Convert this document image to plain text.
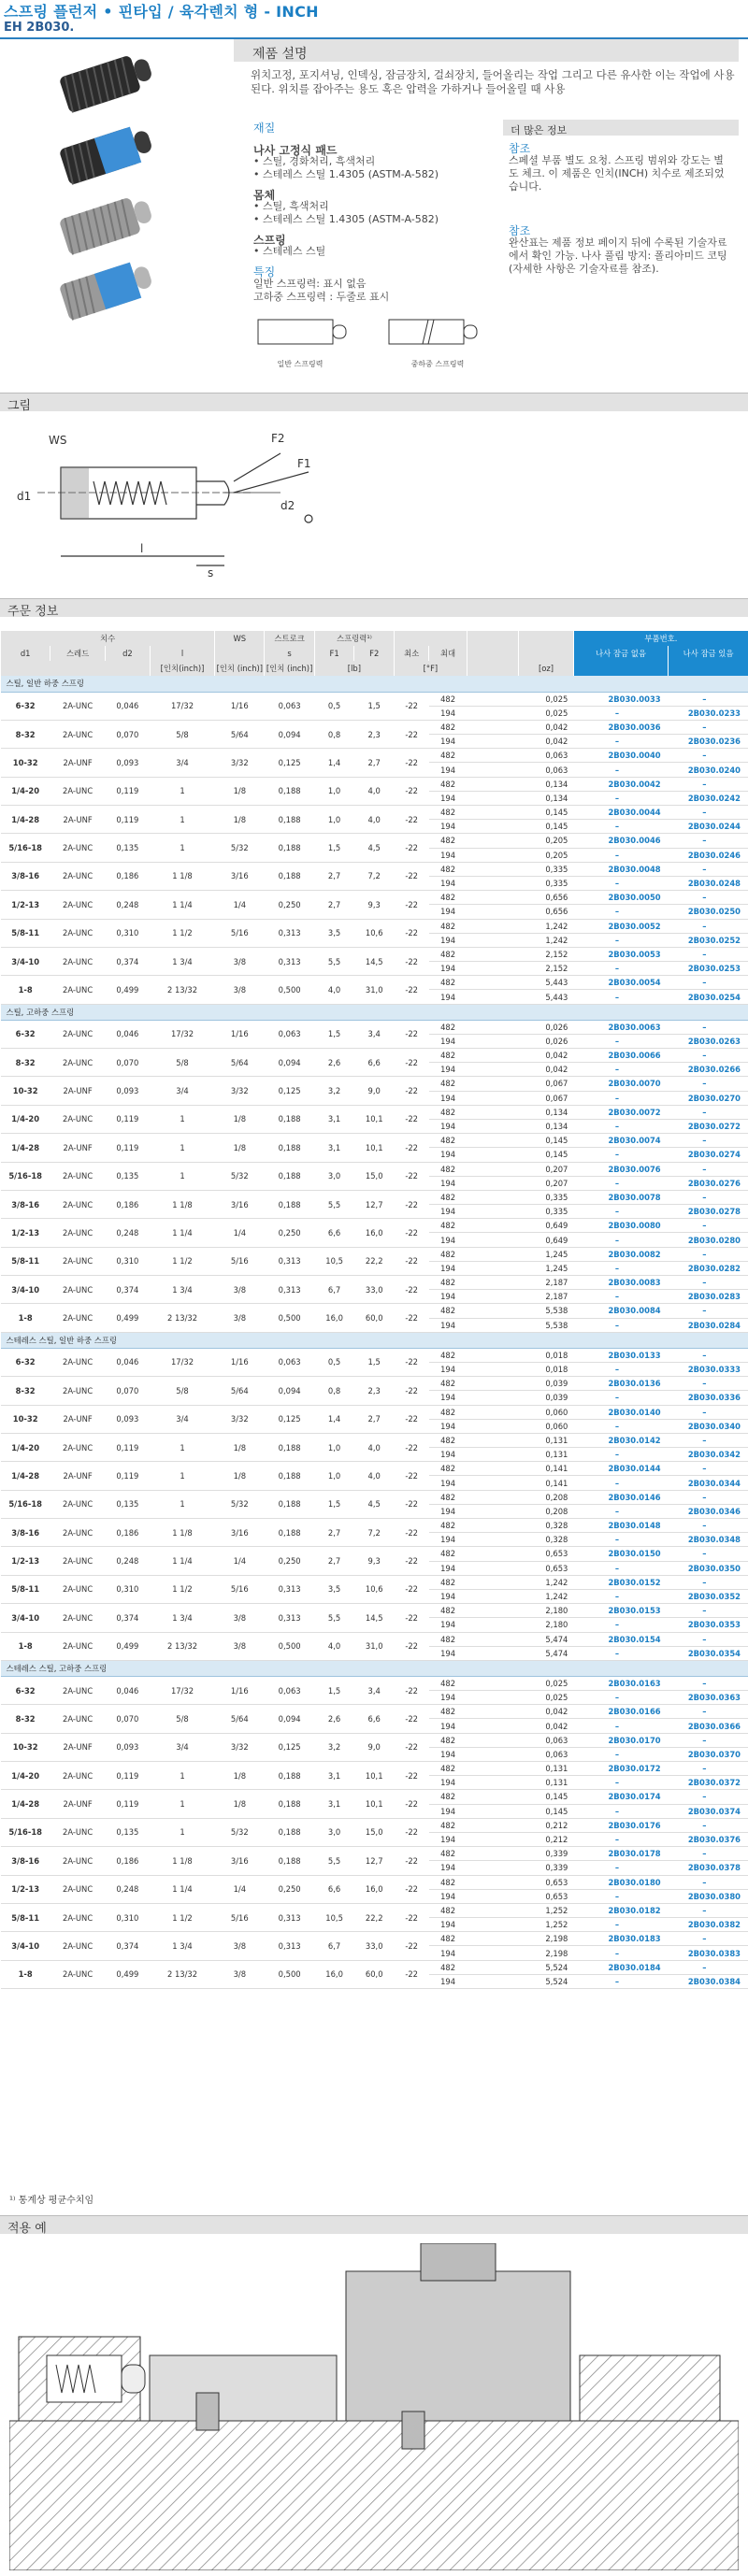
스프링 플런저 • 핀타입 / 육각렌치 형 - INCH
EH 2B030.
제품 설명
위치고정, 포지셔닝, 인덱싱, 잠금장치, 걸쇠장치, 들어올리는 작업 그리고 다른 유사한 이는 작업에 사용된다. 위치를 잡아주는 용도 혹은 압력을 가하거나 들어올릴 때 사용
재질
나사 고정식 패드
• 스틸, 경화처리, 흑색처리
• 스테레스 스틸 1.4305 (ASTM-A-582)
몸체
• 스틸, 흑색처리
• 스테레스 스틸 1.4305 (ASTM-A-582)
스프링
• 스테레스 스틸
특징
일반 스프링력: 표시 없음
고하중 스프링력 : 두줄로 표시
일반 스프링력	중하중 스프링력
더 많은 정보
참조
스페셜 부품 별도 요청. 스프링 범위와 강도는 별도 체크. 이 제품은 인치(INCH) 치수로 제조되었습니다.
참조
완산표는 제품 정보 페이지 뒤에 수록된 기술자료에서 확인 가능. 나사 풀림 방지: 폴리아미드 코팅 (자세한 사항은 기술자료를 참조).
그림
WS	F2
F1
d1
d2
l
s
주문 정보
치수				WS	스트로크	스프링력¹⁾						부품번호.	
d1	스레드	d2	l		s	F1	F2	최소	최대			나사 잠금 없음	나사 잠금 있음
			[인치(inch)]	[인치 (inch)]	[인치 (inch)]	[lb]		[°F]			[oz]		
스틸, 일반 하중 스프링													
6-32	2A-UNC	0,046	17/32	1/16	0,063	0,5	1,5	-22	482		0,025	2B030.0033	–
									194		0,025	–	2B030.0233
8-32	2A-UNC	0,070	5/8	5/64	0,094	0,8	2,3	-22	482		0,042	2B030.0036	–
									194		0,042	–	2B030.0236
10-32	2A-UNF	0,093	3/4	3/32	0,125	1,4	2,7	-22	482		0,063	2B030.0040	–
									194		0,063	–	2B030.0240
1/4-20	2A-UNC	0,119	1	1/8	0,188	1,0	4,0	-22	482		0,134	2B030.0042	–
									194		0,134	–	2B030.0242
1/4-28	2A-UNF	0,119	1	1/8	0,188	1,0	4,0	-22	482		0,145	2B030.0044	–
									194		0,145	–	2B030.0244
5/16-18	2A-UNC	0,135	1	5/32	0,188	1,5	4,5	-22	482		0,205	2B030.0046	–
									194		0,205	–	2B030.0246
3/8-16	2A-UNC	0,186	1 1/8	3/16	0,188	2,7	7,2	-22	482		0,335	2B030.0048	–
									194		0,335	–	2B030.0248
1/2-13	2A-UNC	0,248	1 1/4	1/4	0,250	2,7	9,3	-22	482		0,656	2B030.0050	–
									194		0,656	–	2B030.0250
5/8-11	2A-UNC	0,310	1 1/2	5/16	0,313	3,5	10,6	-22	482		1,242	2B030.0052	–
									194		1,242	–	2B030.0252
3/4-10	2A-UNC	0,374	1 3/4	3/8	0,313	5,5	14,5	-22	482		2,152	2B030.0053	–
									194		2,152	–	2B030.0253
1-8	2A-UNC	0,499	2 13/32	3/8	0,500	4,0	31,0	-22	482		5,443	2B030.0054	–
									194		5,443	–	2B030.0254
스틸, 고하중 스프링													
6-32	2A-UNC	0,046	17/32	1/16	0,063	1,5	3,4	-22	482		0,026	2B030.0063	–
									194		0,026	–	2B030.0263
8-32	2A-UNC	0,070	5/8	5/64	0,094	2,6	6,6	-22	482		0,042	2B030.0066	–
									194		0,042	–	2B030.0266
10-32	2A-UNF	0,093	3/4	3/32	0,125	3,2	9,0	-22	482		0,067	2B030.0070	–
									194		0,067	–	2B030.0270
1/4-20	2A-UNC	0,119	1	1/8	0,188	3,1	10,1	-22	482		0,134	2B030.0072	–
									194		0,134	–	2B030.0272
1/4-28	2A-UNF	0,119	1	1/8	0,188	3,1	10,1	-22	482		0,145	2B030.0074	–
									194		0,145	–	2B030.0274
5/16-18	2A-UNC	0,135	1	5/32	0,188	3,0	15,0	-22	482		0,207	2B030.0076	–
									194		0,207	–	2B030.0276
3/8-16	2A-UNC	0,186	1 1/8	3/16	0,188	5,5	12,7	-22	482		0,335	2B030.0078	–
									194		0,335	–	2B030.0278
1/2-13	2A-UNC	0,248	1 1/4	1/4	0,250	6,6	16,0	-22	482		0,649	2B030.0080	–
									194		0,649	–	2B030.0280
5/8-11	2A-UNC	0,310	1 1/2	5/16	0,313	10,5	22,2	-22	482		1,245	2B030.0082	–
									194		1,245	–	2B030.0282
3/4-10	2A-UNC	0,374	1 3/4	3/8	0,313	6,7	33,0	-22	482		2,187	2B030.0083	–
									194		2,187	–	2B030.0283
1-8	2A-UNC	0,499	2 13/32	3/8	0,500	16,0	60,0	-22	482		5,538	2B030.0084	–
									194		5,538	–	2B030.0284
스테레스 스틸, 일반 하중 스프링													
6-32	2A-UNC	0,046	17/32	1/16	0,063	0,5	1,5	-22	482		0,018	2B030.0133	–
									194		0,018	–	2B030.0333
8-32	2A-UNC	0,070	5/8	5/64	0,094	0,8	2,3	-22	482		0,039	2B030.0136	–
									194		0,039	–	2B030.0336
10-32	2A-UNF	0,093	3/4	3/32	0,125	1,4	2,7	-22	482		0,060	2B030.0140	–
									194		0,060	–	2B030.0340
1/4-20	2A-UNC	0,119	1	1/8	0,188	1,0	4,0	-22	482		0,131	2B030.0142	–
									194		0,131	–	2B030.0342
1/4-28	2A-UNF	0,119	1	1/8	0,188	1,0	4,0	-22	482		0,141	2B030.0144	–
									194		0,141	–	2B030.0344
5/16-18	2A-UNC	0,135	1	5/32	0,188	1,5	4,5	-22	482		0,208	2B030.0146	–
									194		0,208	–	2B030.0346
3/8-16	2A-UNC	0,186	1 1/8	3/16	0,188	2,7	7,2	-22	482		0,328	2B030.0148	–
									194		0,328	–	2B030.0348
1/2-13	2A-UNC	0,248	1 1/4	1/4	0,250	2,7	9,3	-22	482		0,653	2B030.0150	–
									194		0,653	–	2B030.0350
5/8-11	2A-UNC	0,310	1 1/2	5/16	0,313	3,5	10,6	-22	482		1,242	2B030.0152	–
									194		1,242	–	2B030.0352
3/4-10	2A-UNC	0,374	1 3/4	3/8	0,313	5,5	14,5	-22	482		2,180	2B030.0153	–
									194		2,180	–	2B030.0353
1-8	2A-UNC	0,499	2 13/32	3/8	0,500	4,0	31,0	-22	482		5,474	2B030.0154	–
									194		5,474	–	2B030.0354
스테레스 스틸, 고하중 스프링													
6-32	2A-UNC	0,046	17/32	1/16	0,063	1,5	3,4	-22	482		0,025	2B030.0163	–
									194		0,025	–	2B030.0363
8-32	2A-UNC	0,070	5/8	5/64	0,094	2,6	6,6	-22	482		0,042	2B030.0166	–
									194		0,042	–	2B030.0366
10-32	2A-UNF	0,093	3/4	3/32	0,125	3,2	9,0	-22	482		0,063	2B030.0170	–
									194		0,063	–	2B030.0370
1/4-20	2A-UNC	0,119	1	1/8	0,188	3,1	10,1	-22	482		0,131	2B030.0172	–
									194		0,131	–	2B030.0372
1/4-28	2A-UNF	0,119	1	1/8	0,188	3,1	10,1	-22	482		0,145	2B030.0174	–
									194		0,145	–	2B030.0374
5/16-18	2A-UNC	0,135	1	5/32	0,188	3,0	15,0	-22	482		0,212	2B030.0176	–
									194		0,212	–	2B030.0376
3/8-16	2A-UNC	0,186	1 1/8	3/16	0,188	5,5	12,7	-22	482		0,339	2B030.0178	–
									194		0,339	–	2B030.0378
1/2-13	2A-UNC	0,248	1 1/4	1/4	0,250	6,6	16,0	-22	482		0,653	2B030.0180	–
									194		0,653	–	2B030.0380
5/8-11	2A-UNC	0,310	1 1/2	5/16	0,313	10,5	22,2	-22	482		1,252	2B030.0182	–
									194		1,252	–	2B030.0382
3/4-10	2A-UNC	0,374	1 3/4	3/8	0,313	6,7	33,0	-22	482		2,198	2B030.0183	–
									194		2,198	–	2B030.0383
1-8	2A-UNC	0,499	2 13/32	3/8	0,500	16,0	60,0	-22	482		5,524	2B030.0184	–
									194		5,524	–	2B030.0384
¹⁾ 통계상 평균수치임
적용 예
